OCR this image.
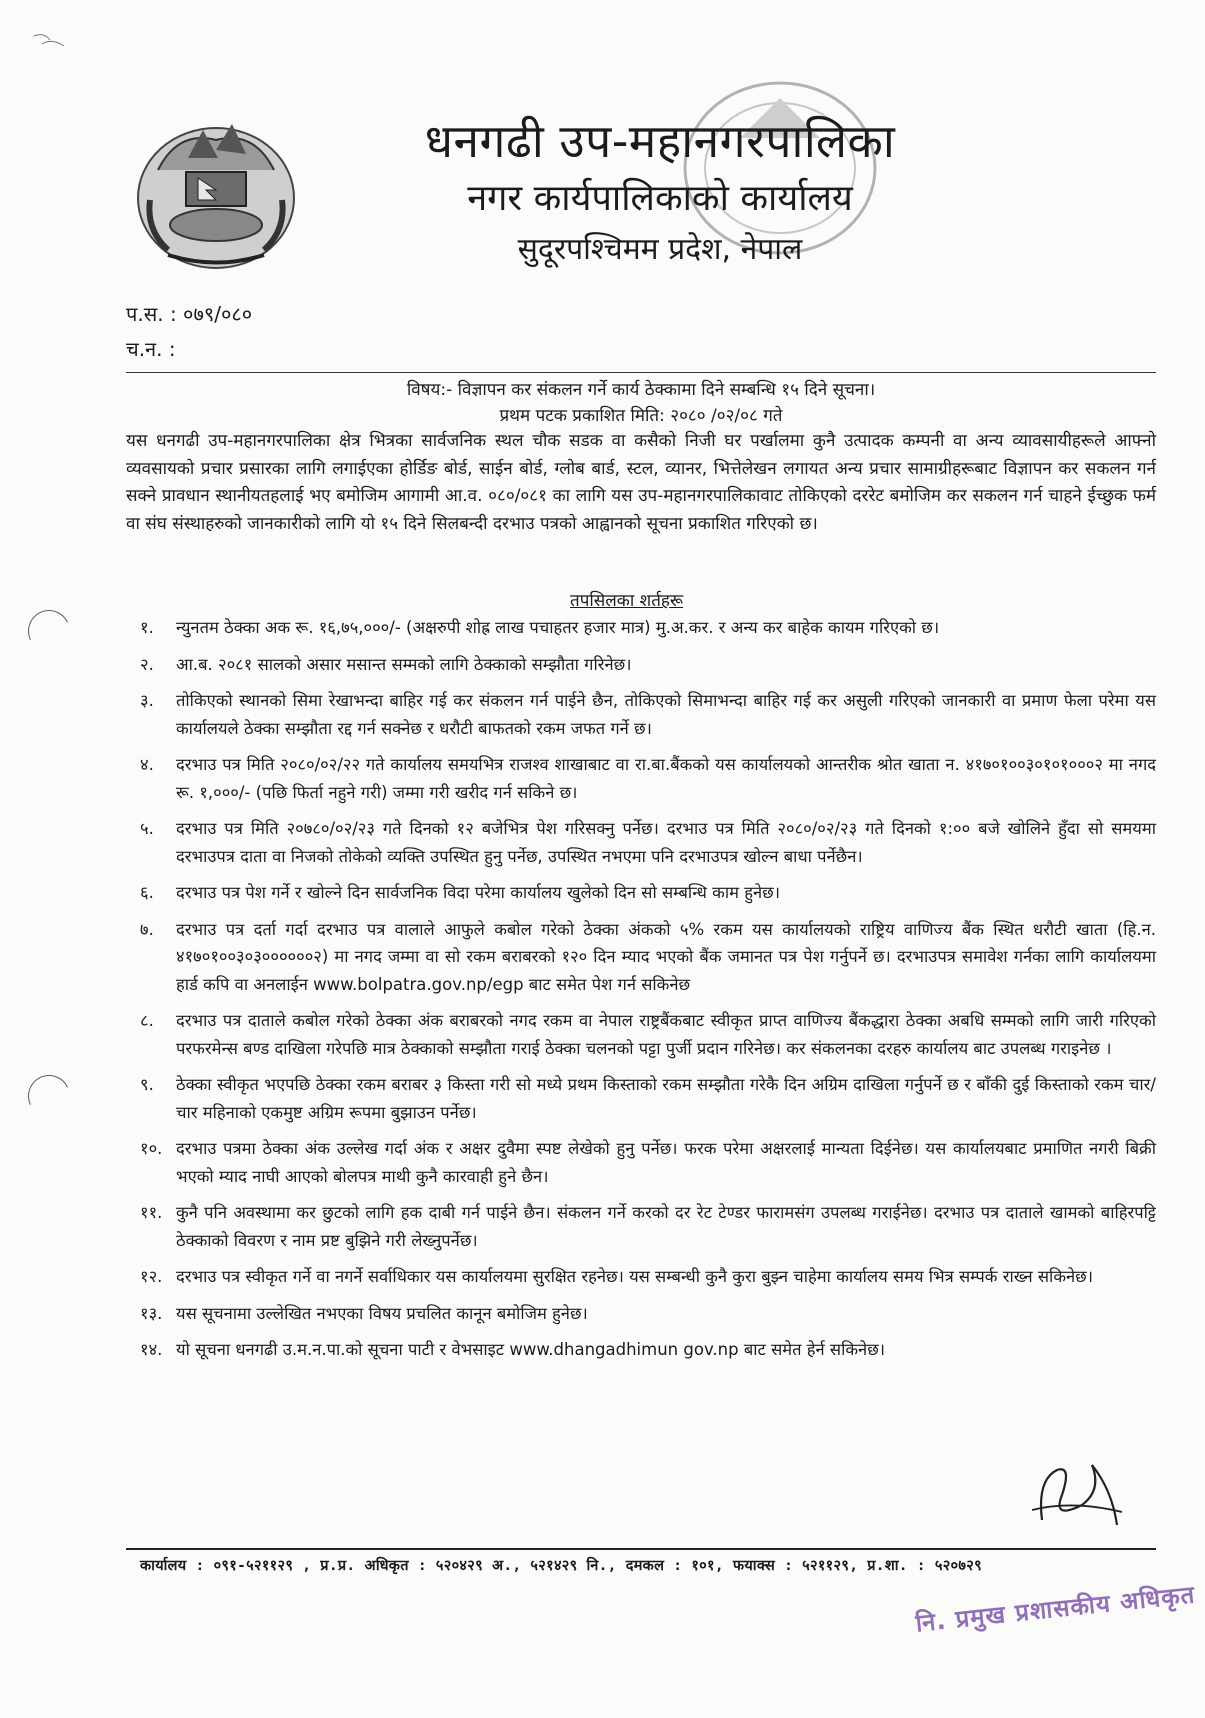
धनगढी उप-महानगरपालिका
नगर कार्यपालिकाको कार्यालय
सुदूरपश्चिमम प्रदेश, नेपाल
प.स. : ०७९/०८०
च.न. :
विषय:- विज्ञापन कर संकलन गर्ने कार्य ठेक्कामा दिने सम्बन्धि १५ दिने सूचना।
प्रथम पटक प्रकाशित मिति: २०८० /०२/०८ गते
यस धनगढी उप-महानगरपालिका क्षेत्र भित्रका सार्वजनिक स्थल चौक सडक वा कसैको निजी घर पर्खालमा कुनै उत्पादक कम्पनी वा अन्य व्यावसायीहरूले आफ्नो व्यवसायको प्रचार प्रसारका लागि लगाईएका होर्डिङ बोर्ड, साईन बोर्ड, ग्लोब बार्ड, स्टल, व्यानर, भित्तेलेखन लगायत अन्य प्रचार सामाग्रीहरूबाट विज्ञापन कर सकलन गर्न सक्ने प्रावधान स्थानीयतहलाई भए बमोजिम आगामी आ.व. ०८०/०८१ का लागि यस उप-महानगरपालिकावाट तोकिएको दररेट बमोजिम कर सकलन गर्न चाहने ईच्छुक फर्म वा संघ संस्थाहरुको जानकारीको लागि यो १५ दिने सिलबन्दी दरभाउ पत्रको आह्वानको सूचना प्रकाशित गरिएको छ।
तपसिलका शर्तहरू
१.	न्युनतम ठेक्का अक रू. १६,७५,०००/- (अक्षरुपी शोह्र लाख पचाहतर हजार मात्र) मु.अ.कर. र अन्य कर बाहेक कायम गरिएको छ।
२.	आ.ब. २०८१ सालको असार मसान्त सम्मको लागि ठेक्काको सम्झौता गरिनेछ।
३.	तोकिएको स्थानको सिमा रेखाभन्दा बाहिर गई कर संकलन गर्न पाईने छैन, तोकिएको सिमाभन्दा बाहिर गई कर असुली गरिएको जानकारी वा प्रमाण फेला परेमा यस कार्यालयले ठेक्का सम्झौता रद्द गर्न सक्नेछ र धरौटी बाफतको रकम जफत गर्ने छ।
४.	दरभाउ पत्र मिति २०८०/०२/२२ गते कार्यालय समयभित्र राजश्व शाखाबाट वा रा.बा.बैंकको यस कार्यालयको आन्तरीक श्रोत खाता न. ४१७०१००३०१०१०००२ मा नगद रू. १,०००/- (पछि फिर्ता नहुने गरी) जम्मा गरी खरीद गर्न सकिने छ।
५.	दरभाउ पत्र मिति २०७८०/०२/२३ गते दिनको १२ बजेभित्र पेश गरिसक्नु पर्नेछ। दरभाउ पत्र मिति २०८०/०२/२३ गते दिनको १:०० बजे खोलिने हुँदा सो समयमा दरभाउपत्र दाता वा निजको तोकेको व्यक्ति उपस्थित हुनु पर्नेछ, उपस्थित नभएमा पनि दरभाउपत्र खोल्न बाधा पर्नेछैन।
६.	दरभाउ पत्र पेश गर्ने र खोल्ने दिन सार्वजनिक विदा परेमा कार्यालय खुलेको दिन सो सम्बन्धि काम हुनेछ।
७.	दरभाउ पत्र दर्ता गर्दा दरभाउ पत्र वालाले आफुले कबोल गरेको ठेक्का अंकको ५% रकम यस कार्यालयको राष्ट्रिय वाणिज्य बैंक स्थित धरौटी खाता (हि.न. ४१७०१००३०३००००००२) मा नगद जम्मा वा सो रकम बराबरको १२० दिन म्याद भएको बैंक जमानत पत्र पेश गर्नुपर्ने छ। दरभाउपत्र समावेश गर्नका लागि कार्यालयमा हार्ड कपि वा अनलाईन www.bolpatra.gov.np/egp बाट समेत पेश गर्न सकिनेछ
८.	दरभाउ पत्र दाताले कबोल गरेको ठेक्का अंक बराबरको नगद रकम वा नेपाल राष्ट्रबैंकबाट स्वीकृत प्राप्त वाणिज्य बैंकद्धारा ठेक्का अबधि सम्मको लागि जारी गरिएको परफरमेन्स बण्ड दाखिला गरेपछि मात्र ठेक्काको सम्झौता गराई ठेक्का चलनको पट्टा पुर्जी प्रदान गरिनेछ। कर संकलनका दरहरु कार्यालय बाट उपलब्ध गराइनेछ ।
९.	ठेक्का स्वीकृत भएपछि ठेक्का रकम बराबर ३ किस्ता गरी सो मध्ये प्रथम किस्ताको रकम सम्झौता गरेकै दिन अग्रिम दाखिला गर्नुपर्ने छ र बाँकी दुई किस्ताको रकम चार/चार महिनाको एकमुष्ट अग्रिम रूपमा बुझाउन पर्नेछ।
१०. दरभाउ पत्रमा ठेक्का अंक उल्लेख गर्दा अंक र अक्षर दुवैमा स्पष्ट लेखेको हुनु पर्नेछ। फरक परेमा अक्षरलाई मान्यता दिईनेछ। यस कार्यालयबाट प्रमाणित नगरी बिक्री भएको म्याद नाघी आएको बोलपत्र माथी कुनै कारवाही हुने छैन।
११. कुनै पनि अवस्थामा कर छुटको लागि हक दाबी गर्न पाईने छैन। संकलन गर्ने करको दर रेट टेण्डर फारामसंग उपलब्ध गराईनेछ। दरभाउ पत्र दाताले खामको बाहिरपट्टि ठेक्काको विवरण र नाम प्रष्ट बुझिने गरी लेख्नुपर्नेछ।
१२. दरभाउ पत्र स्वीकृत गर्ने वा नगर्ने सर्वाधिकार यस कार्यालयमा सुरक्षित रहनेछ। यस सम्बन्धी कुनै कुरा बुझ्न चाहेमा कार्यालय समय भित्र सम्पर्क राख्न सकिनेछ।
१३. यस सूचनामा उल्लेखित नभएका विषय प्रचलित कानून बमोजिम हुनेछ।
१४. यो सूचना धनगढी उ.म.न.पा.को सूचना पाटी र वेभसाइट www.dhangadhimun gov.np बाट समेत हेर्न सकिनेछ।
कार्यालय : ०९१-५२११२९ , प्र.प्र. अधिकृत : ५२०४२९ अ., ५२१४२९ नि., दमकल : १०१, फयाक्स : ५२११२९, प्र.शा. : ५२०७२९
नि. प्रमुख प्रशासकीय अधिकृत
